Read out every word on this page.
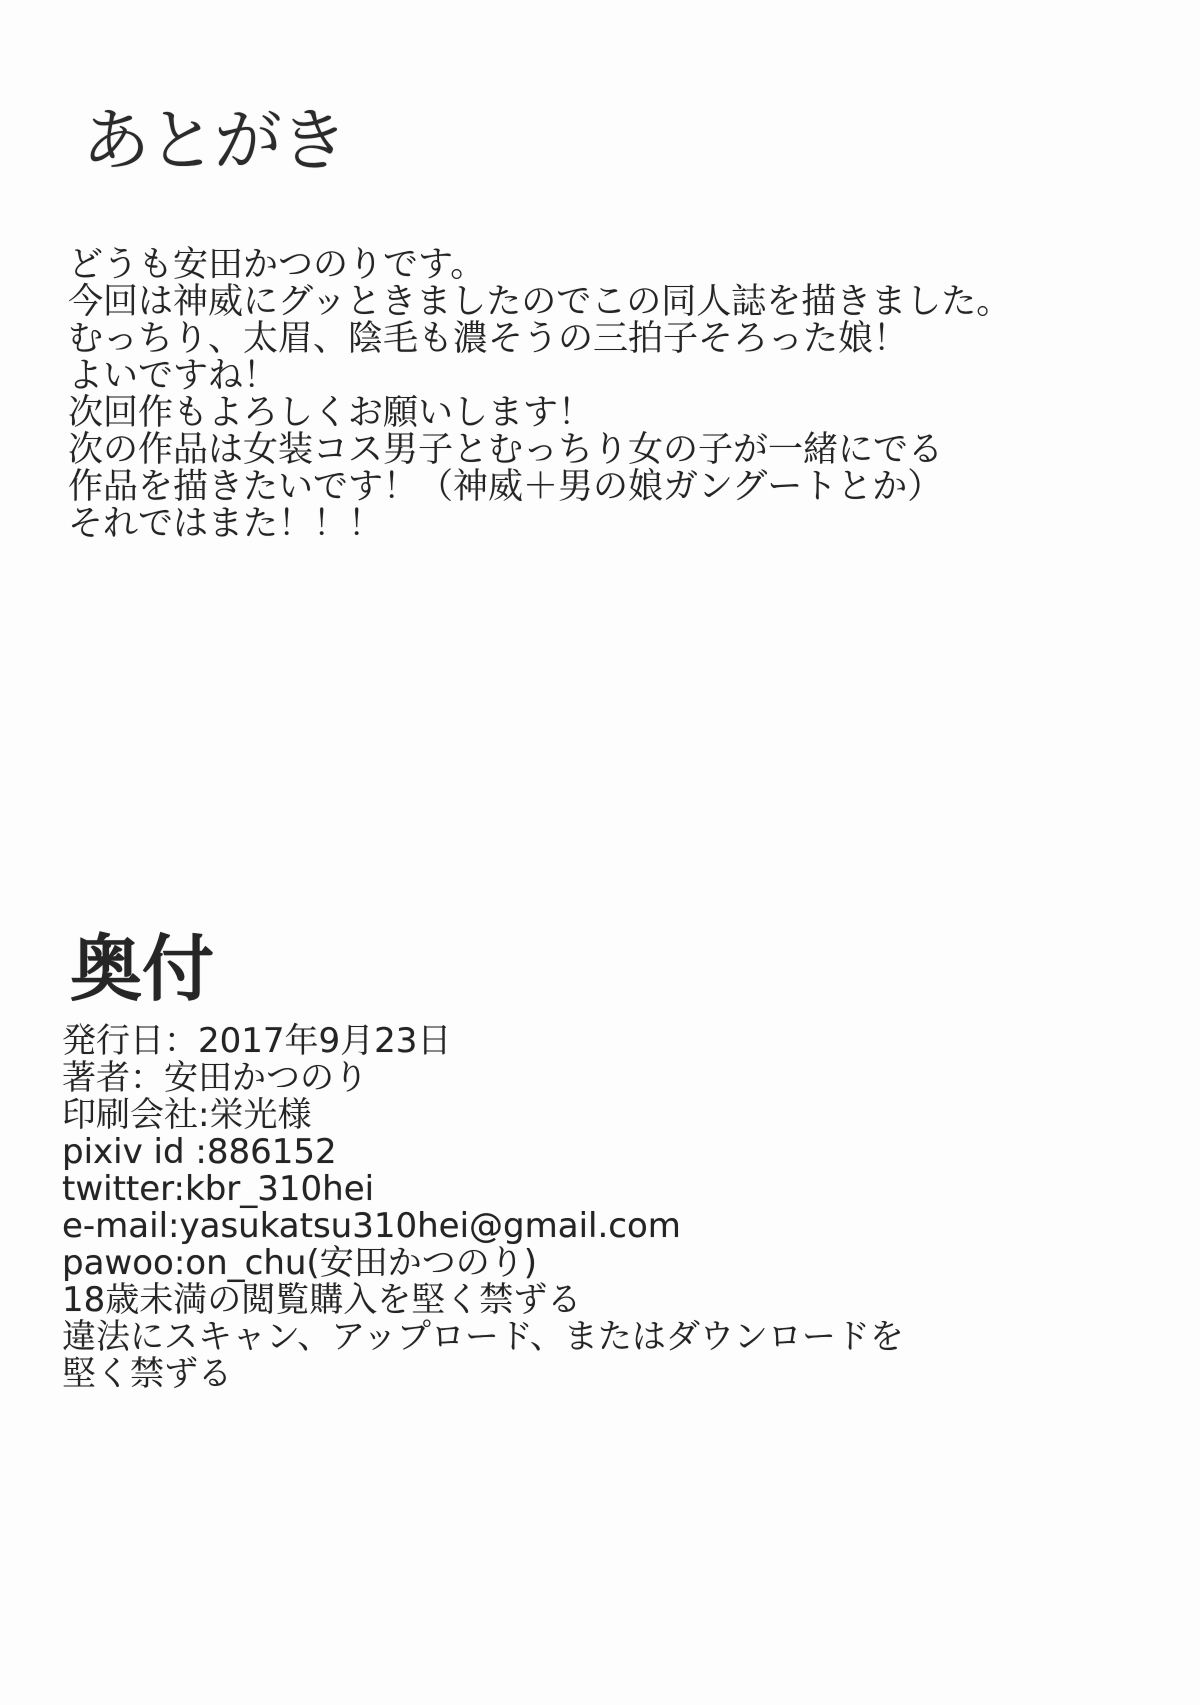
あとがき
どうも安田かつのりです。
今回は神威にグッときましたのでこの同人誌を描きました。
むっちり、太眉、陰毛も濃そうの三拍子そろった娘！
よいですね！
次回作もよろしくお願いします！
次の作品は女装コス男子とむっちり女の子が一緒にでる
作品を描きたいです！（神威＋男の娘ガングートとか）
それではまた！！！
奥付
発行日：2017年9月23日
著者：安田かつのり
印刷会社:栄光様
pixiv id :886152
twitter:kbr_310hei
e-mail:yasukatsu310hei@gmail.com
pawoo:on_chu(安田かつのり)
18歳未満の閲覧購入を堅く禁ずる
違法にスキャン、アップロード、またはダウンロードを
堅く禁ずる
